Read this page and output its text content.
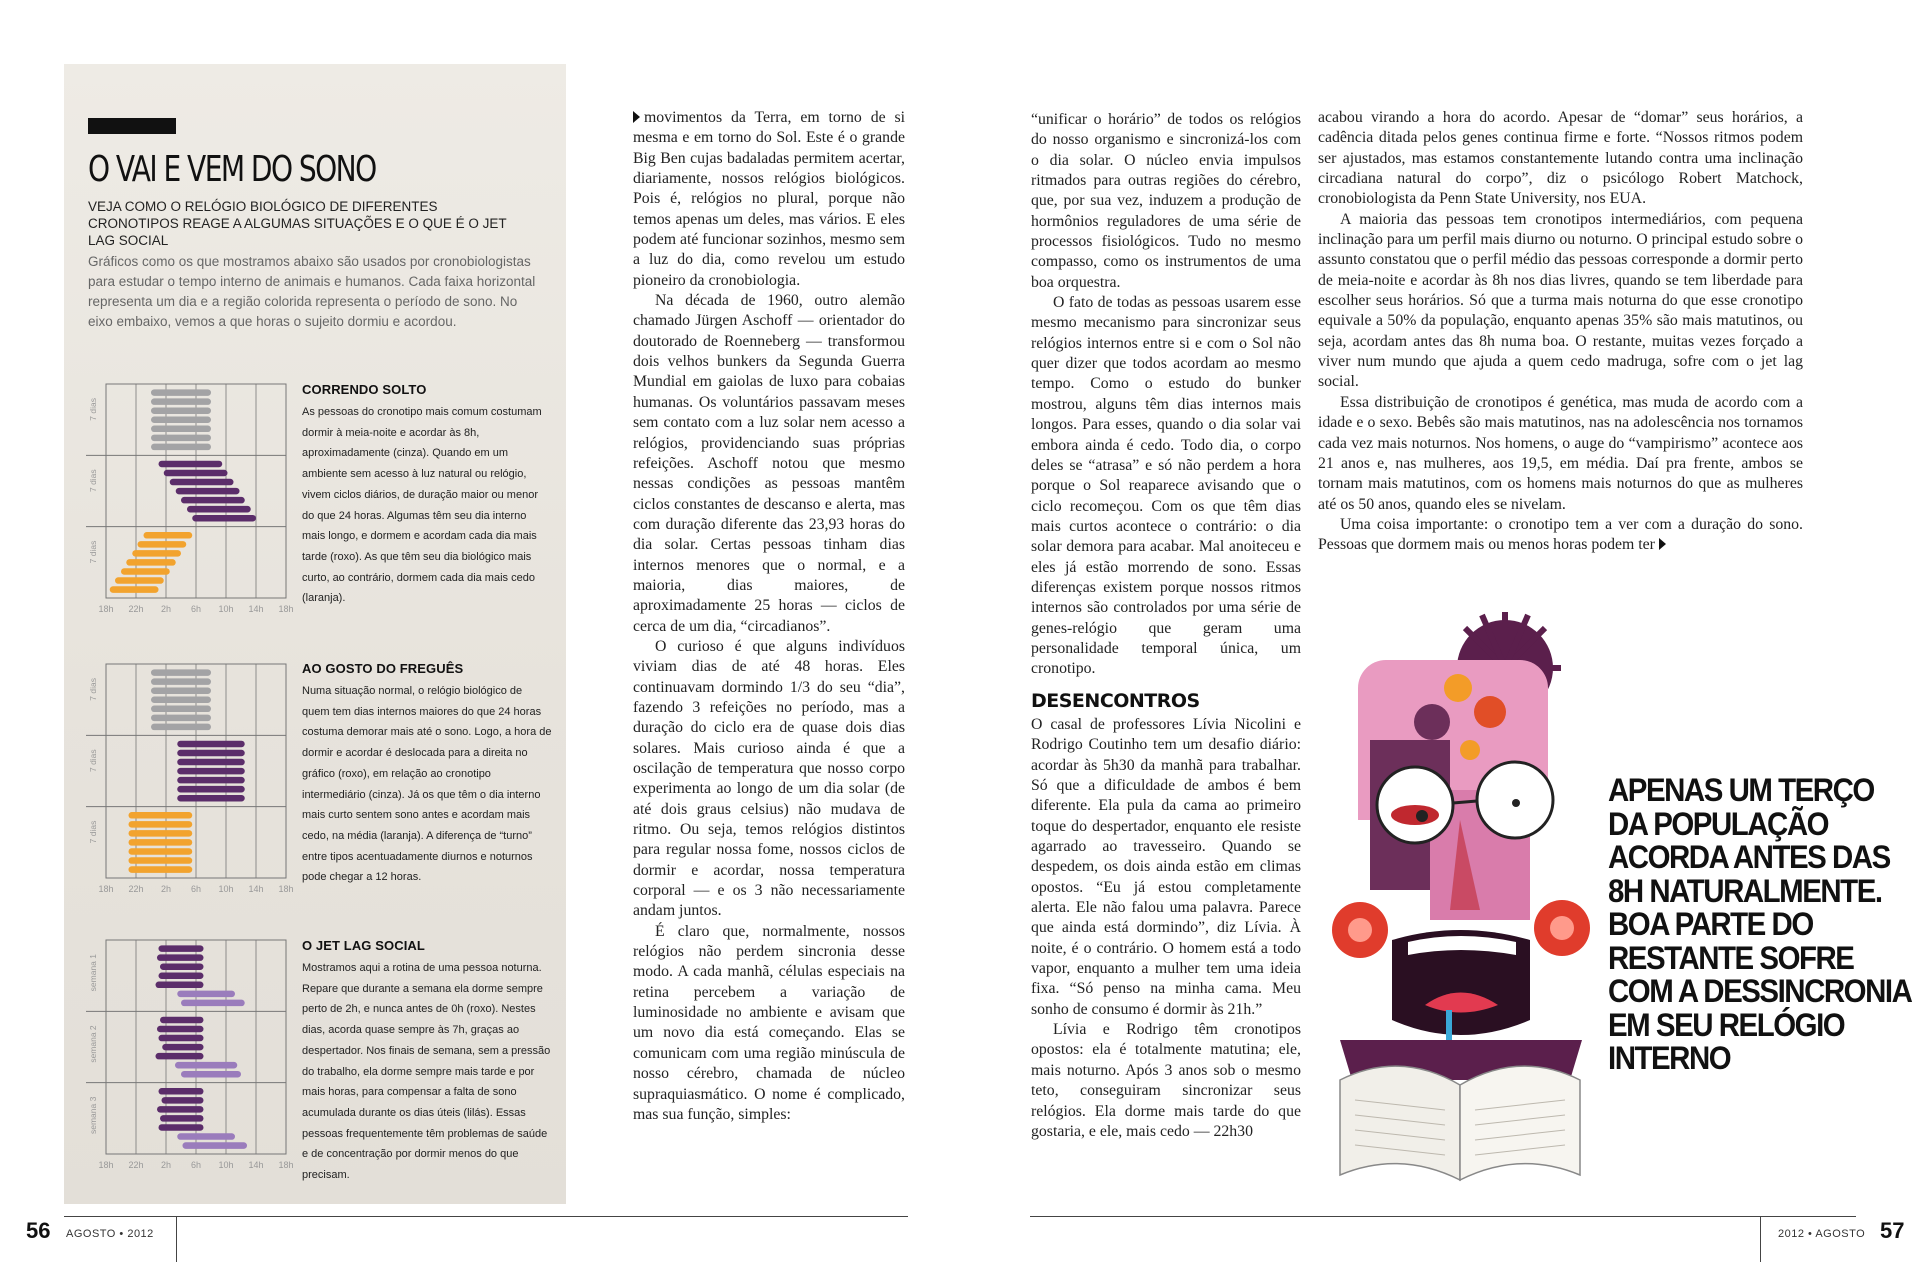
O VAI E VEM DO SONO
VEJA COMO O RELÓGIO BIOLÓGICO DE DIFERENTES CRONOTIPOS REAGE A ALGUMAS SITUAÇÕES E O QUE É O JET LAG SOCIAL
Gráficos como os que mostramos abaixo são usados por cronobiologistas para estudar o tempo interno de animais e humanos. Cada faixa horizontal representa um dia e a região colorida representa o período de sono. No eixo embaixo, vemos a que horas o sujeito dormiu e acordou.
7 dias
7 dias
7 dias
18h 22h 2h 6h 10h 14h 18h
7 dias
7 dias
7 dias
18h 22h 2h 6h 10h 14h 18h
semana 1
semana 2
semana 3
18h 22h 2h 6h 10h 14h 18h
CORRENDO SOLTO

As pessoas do cronotipo mais comum costumam dormir à meia-noite e acordar às 8h, aproximadamente (cinza). Quando em um ambiente sem acesso à luz natural ou relógio, vivem ciclos diários, de duração maior ou menor do que 24 horas. Algumas têm seu dia interno mais longo, e dormem e acordam cada dia mais tarde (roxo). As que têm seu dia biológico mais curto, ao contrário, dormem cada dia mais cedo (laranja).

AO GOSTO DO FREGUÊS

Numa situação normal, o relógio biológico de quem tem dias internos maiores do que 24 horas costuma demorar mais até o sono. Logo, a hora de dormir e acordar é deslocada para a direita no gráfico (roxo), em relação ao cronotipo intermediário (cinza). Já os que têm o dia interno mais curto sentem sono antes e acordam mais cedo, na média (laranja). A diferença de “turno” entre tipos acentuadamente diurnos e noturnos pode chegar a 12 horas.

O JET LAG SOCIAL

Mostramos aqui a rotina de uma pessoa noturna. Repare que durante a semana ela dorme sempre perto de 2h, e nunca antes de 0h (roxo). Nestes dias, acorda quase sempre às 7h, graças ao despertador. Nos finais de semana, sem a pressão do trabalho, ela dorme sempre mais tarde e por mais horas, para compensar a falta de sono acumulada durante os dias úteis (lilás). Essas pessoas frequentemente têm problemas de saúde e de concentração por dormir menos do que precisam.

movimentos da Terra, em torno de si mesma e em torno do Sol. Este é o grande Big Ben cujas badaladas permitem acertar, diariamente, nossos relógios biológicos. Pois é, relógios no plural, porque não temos apenas um deles, mas vários. E eles podem até funcionar sozinhos, mesmo sem a luz do dia, como revelou um estudo pioneiro da cronobiologia.

Na década de 1960, outro alemão chamado Jürgen Aschoff — orientador do doutorado de Roenneberg — transformou dois velhos bunkers da Segunda Guerra Mundial em gaiolas de luxo para cobaias humanas. Os voluntários passavam meses sem contato com a luz solar nem acesso a relógios, providenciando suas próprias refeições. Aschoff notou que mesmo nessas condições as pessoas mantêm ciclos constantes de descanso e alerta, mas com duração diferente das 23,93 horas do dia solar. Certas pessoas tinham dias internos menores que o normal, e a maioria, dias maiores, de aproximadamente 25 horas — ciclos de cerca de um dia, “circadianos”.

O curioso é que alguns indivíduos viviam dias de até 48 horas. Eles continuavam dormindo 1/3 do seu “dia”, fazendo 3 refeições no período, mas a duração do ciclo era de quase dois dias solares. Mais curioso ainda é que a oscilação de temperatura que nosso corpo experimenta ao longo de um dia solar (de até dois graus celsius) não mudava de ritmo. Ou seja, temos relógios distintos para regular nossa fome, nossos ciclos de dormir e acordar, nossa temperatura corporal — e os 3 não necessariamente andam juntos.

É claro que, normalmente, nossos relógios não perdem sincronia desse modo. A cada manhã, células especiais na retina percebem a variação de luminosidade no ambiente e avisam que um novo dia está começando. Elas se comunicam com uma região minúscula de nosso cérebro, chamada de núcleo supraquiasmático. O nome é complicado, mas sua função, simples:

“unificar o horário” de todos os relógios do nosso organismo e sincronizá-los com o dia solar. O núcleo envia impulsos ritmados para outras regiões do cérebro, que, por sua vez, induzem a produção de hormônios reguladores de uma série de processos fisiológicos. Tudo no mesmo compasso, como os instrumentos de uma boa orquestra.

O fato de todas as pessoas usarem esse mesmo mecanismo para sincronizar seus relógios internos entre si e com o Sol não quer dizer que todos acordam ao mesmo tempo. Como o estudo do bunker mostrou, alguns têm dias internos mais longos. Para esses, quando o dia solar vai embora ainda é cedo. Todo dia, o corpo deles se “atrasa” e só não perdem a hora porque o Sol reaparece avisando que o ciclo recomeçou. Com os que têm dias mais curtos acontece o contrário: o dia solar demora para acabar. Mal anoiteceu e eles já estão morrendo de sono. Essas diferenças existem porque nossos ritmos internos são controlados por uma série de genes-relógio que geram uma personalidade temporal única, um cronotipo.

DESENCONTROS

O casal de professores Lívia Nicolini e Rodrigo Coutinho tem um desafio diário: acordar às 5h30 da manhã para trabalhar. Só que a dificuldade de ambos é bem diferente. Ela pula da cama ao primeiro toque do despertador, enquanto ele resiste agarrado ao travesseiro. Quando se despedem, os dois ainda estão em climas opostos. “Eu já estou completamente alerta. Ele não falou uma palavra. Parece que ainda está dormindo”, diz Lívia. À noite, é o contrário. O homem está a todo vapor, enquanto a mulher tem uma ideia fixa. “Só penso na minha cama. Meu sonho de consumo é dormir às 21h.”

Lívia e Rodrigo têm cronotipos opostos: ela é totalmente matutina; ele, mais noturno. Após 3 anos sob o mesmo teto, conseguiram sincronizar seus relógios. Ela dorme mais tarde do que gostaria, e ele, mais cedo — 22h30

acabou virando a hora do acordo. Apesar de “domar” seus horários, a cadência ditada pelos genes continua firme e forte. “Nossos ritmos podem ser ajustados, mas estamos constantemente lutando contra uma inclinação circadiana natural do corpo”, diz o psicólogo Robert Matchock, cronobiologista da Penn State University, nos EUA.

A maioria das pessoas tem cronotipos intermediários, com pequena inclinação para um perfil mais diurno ou noturno. O principal estudo sobre o assunto constatou que o perfil médio das pessoas corresponde a dormir perto de meia-noite e acordar às 8h nos dias livres, quando se tem liberdade para escolher seus horários. Só que a turma mais noturna do que esse cronotipo equivale a 50% da população, enquanto apenas 35% são mais matutinos, ou seja, acordam antes das 8h numa boa. O restante, muitas vezes forçado a viver num mundo que ajuda a quem cedo madruga, sofre com o jet lag social.

Essa distribuição de cronotipos é genética, mas muda de acordo com a idade e o sexo. Bebês são mais matutinos, nas na adolescência nos tornamos cada vez mais noturnos. Nos homens, o auge do “vampirismo” acontece aos 21 anos e, nas mulheres, aos 19,5, em média. Daí pra frente, ambos se tornam mais matutinos, com os homens mais noturnos do que as mulheres até os 50 anos, quando eles se nivelam.

Uma coisa importante: o cronotipo tem a ver com a duração do sono. Pessoas que dormem mais ou menos horas podem ter

APENAS UM TERÇO DA POPULAÇÃO ACORDA ANTES DAS 8H NATURALMENTE. BOA PARTE DO RESTANTE SOFRE COM A DESSINCRONIA EM SEU RELÓGIO INTERNO
56 AGOSTO • 2012	2012 • AGOSTO 57
